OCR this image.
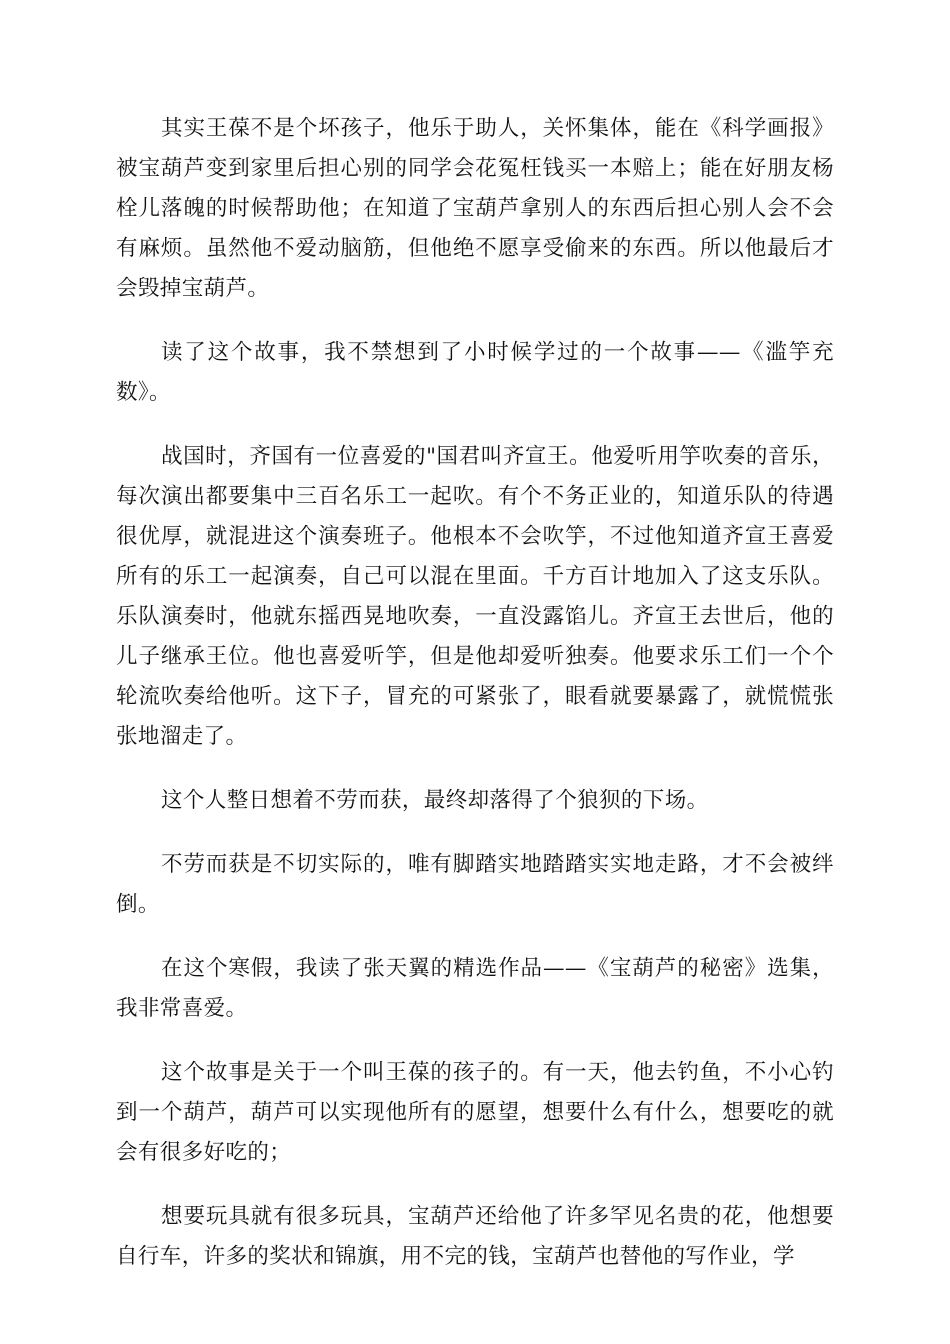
其实王葆不是个坏孩子，他乐于助人，关怀集体，能在《科学画报》被宝葫芦变到家里后担心别的同学会花冤枉钱买一本赔上；能在好朋友杨栓儿落魄的时候帮助他；在知道了宝葫芦拿别人的东西后担心别人会不会有麻烦。虽然他不爱动脑筋，但他绝不愿享受偷来的东西。所以他最后才会毁掉宝葫芦。

读了这个故事，我不禁想到了小时候学过的一个故事——《滥竽充数》。

战国时，齐国有一位喜爱的"国君叫齐宣王。他爱听用竽吹奏的音乐，每次演出都要集中三百名乐工一起吹。有个不务正业的，知道乐队的待遇很优厚，就混进这个演奏班子。他根本不会吹竽，不过他知道齐宣王喜爱所有的乐工一起演奏，自己可以混在里面。千方百计地加入了这支乐队。乐队演奏时，他就东摇西晃地吹奏，一直没露馅儿。齐宣王去世后，他的儿子继承王位。他也喜爱听竽，但是他却爱听独奏。他要求乐工们一个个轮流吹奏给他听。这下子，冒充的可紧张了，眼看就要暴露了，就慌慌张张地溜走了。

这个人整日想着不劳而获，最终却落得了个狼狈的下场。

不劳而获是不切实际的，唯有脚踏实地踏踏实实地走路，才不会被绊倒。

在这个寒假，我读了张天翼的精选作品——《宝葫芦的秘密》选集，我非常喜爱。

这个故事是关于一个叫王葆的孩子的。有一天，他去钓鱼，不小心钓到一个葫芦，葫芦可以实现他所有的愿望，想要什么有什么，想要吃的就会有很多好吃的；

想要玩具就有很多玩具，宝葫芦还给他了许多罕见名贵的花，他想要自行车，许多的奖状和锦旗，用不完的钱，宝葫芦也替他的写作业，学
